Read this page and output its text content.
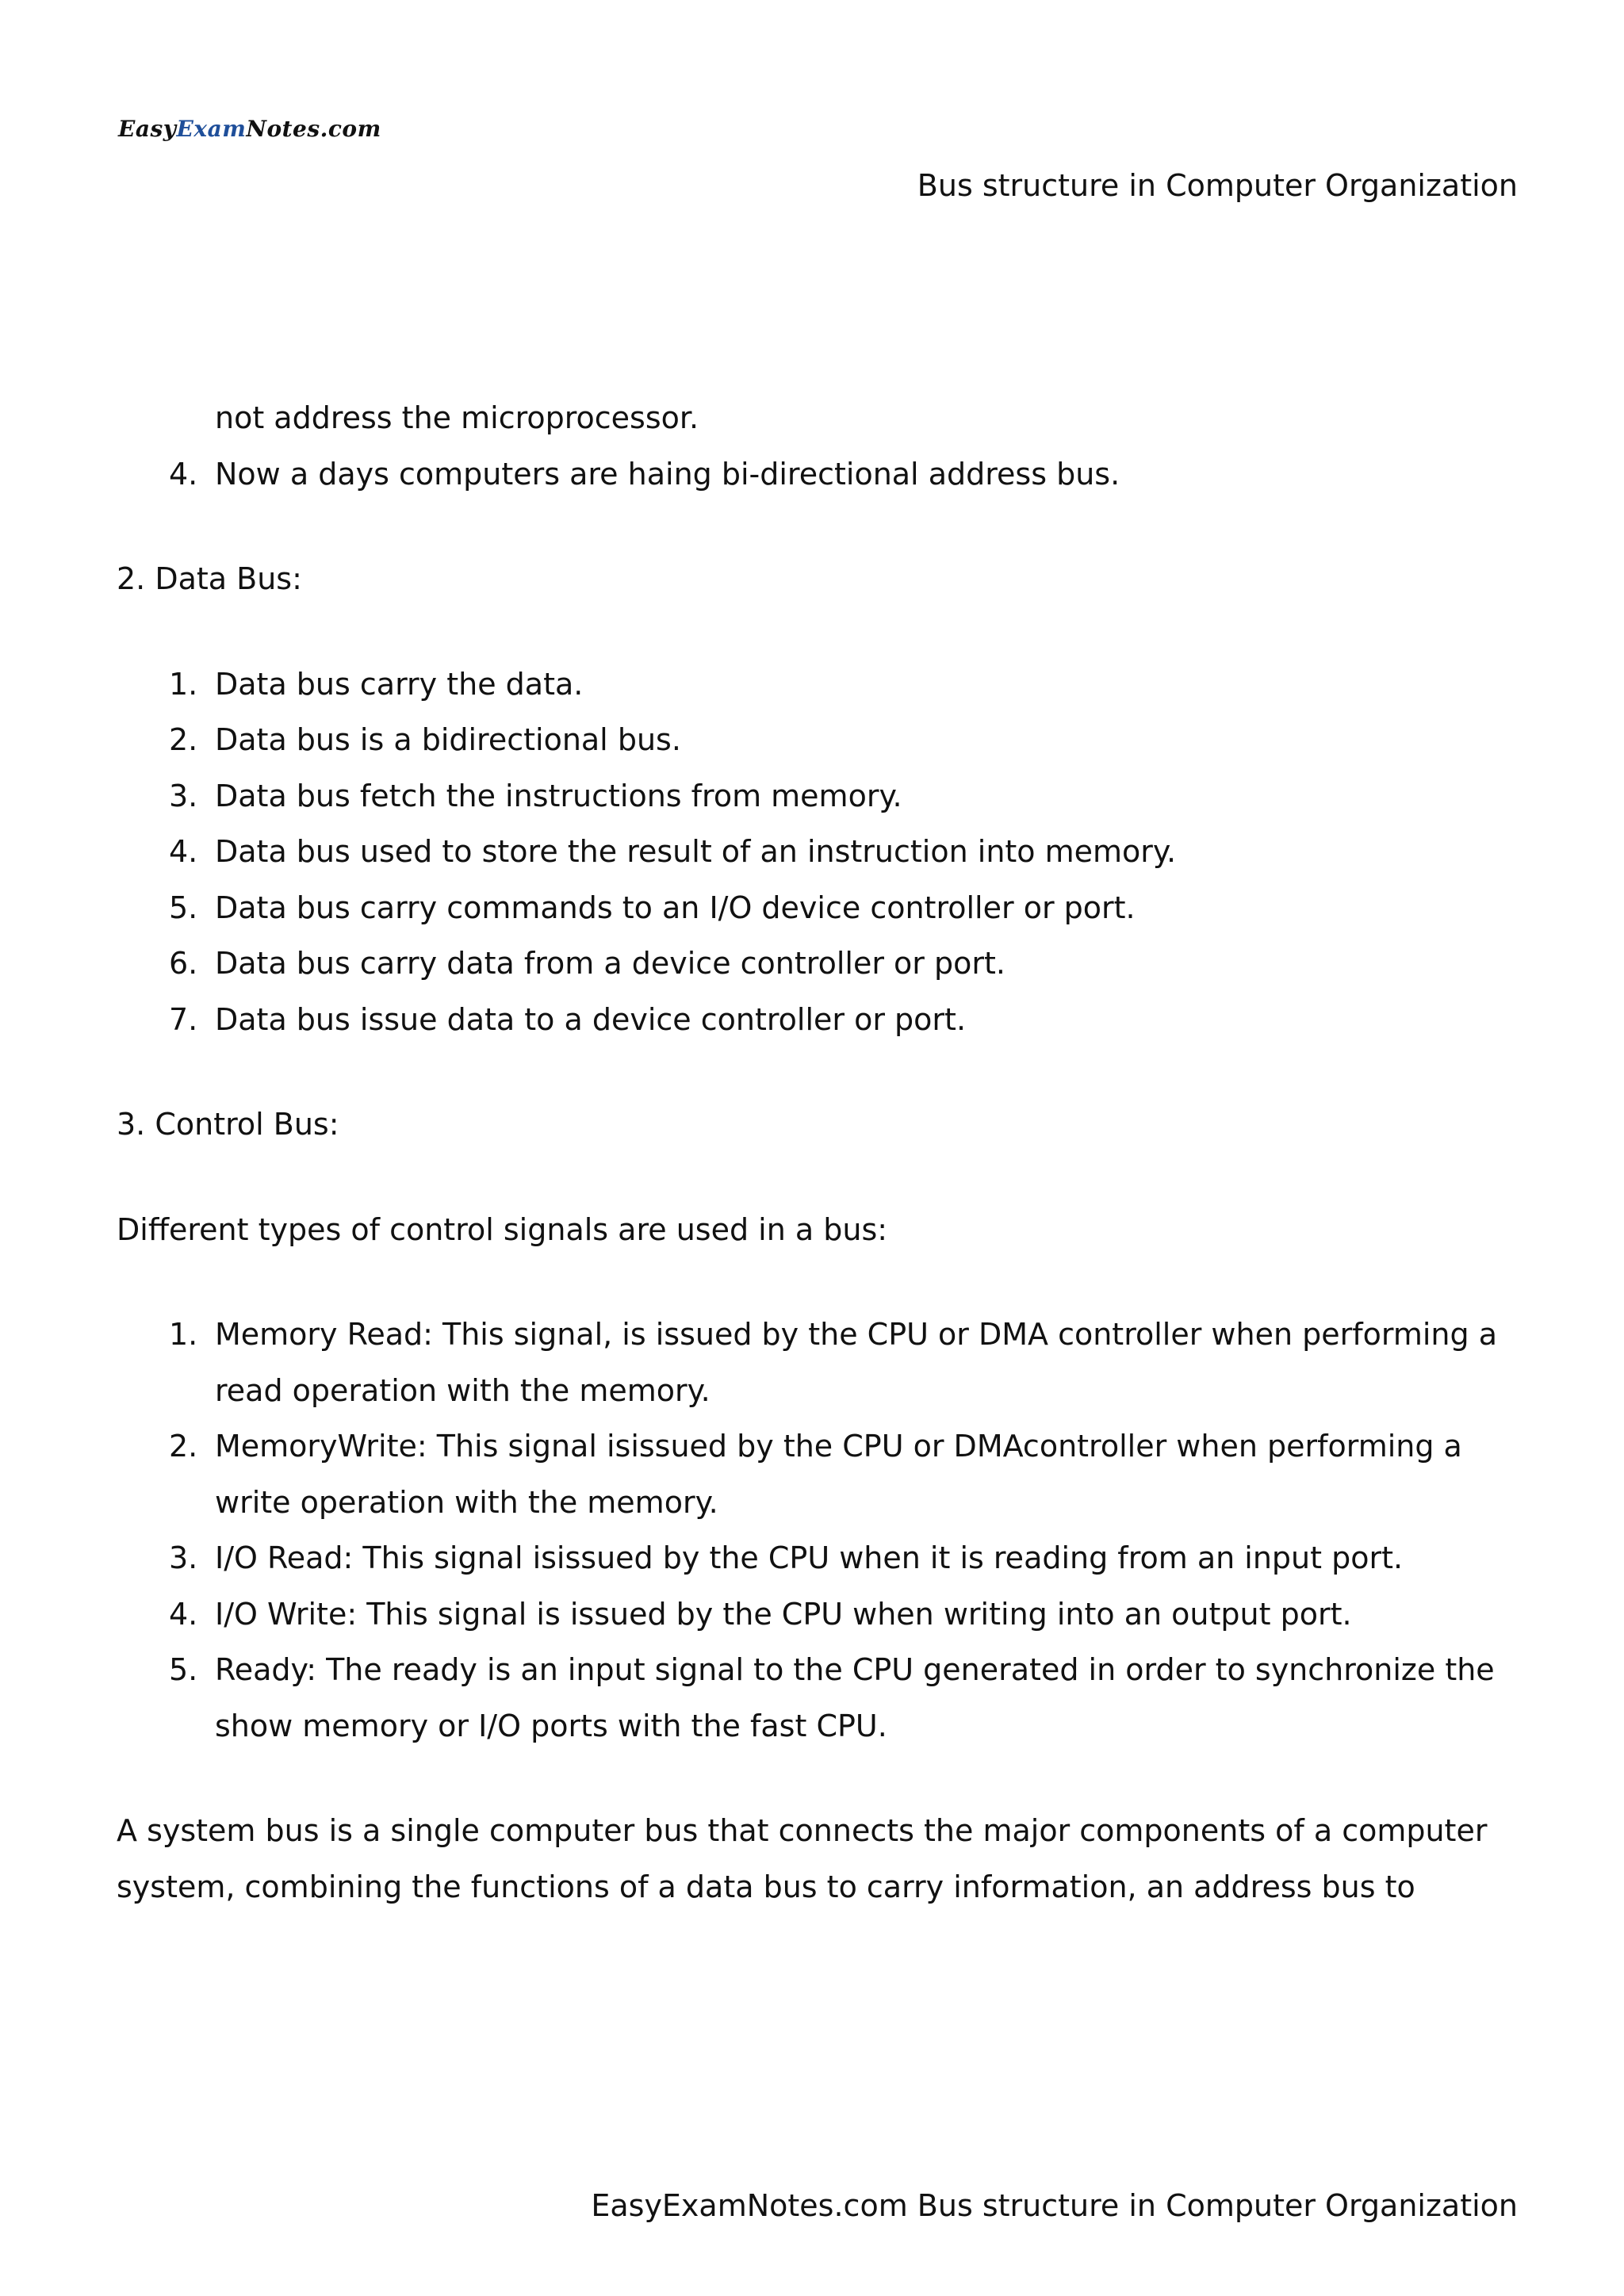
EasyExamNotes.com
Bus structure in Computer Organization
not address the microprocessor.
4. Now a days computers are haing bi-directional address bus.

2. Data Bus:

1. Data bus carry the data.
2. Data bus is a bidirectional bus.
3. Data bus fetch the instructions from memory.
4. Data bus used to store the result of an instruction into memory.
5. Data bus carry commands to an I/O device controller or port.
6. Data bus carry data from a device controller or port.
7. Data bus issue data to a device controller or port.

3. Control Bus:

Different types of control signals are used in a bus:

1. Memory Read: This signal, is issued by the CPU or DMA controller when performing a
read operation with the memory.
2. MemoryWrite: This signal isissued by the CPU or DMAcontroller when performing a
write operation with the memory.
3. I/O Read: This signal isissued by the CPU when it is reading from an input port.
4. I/O Write: This signal is issued by the CPU when writing into an output port.
5. Ready: The ready is an input signal to the CPU generated in order to synchronize the
show memory or I/O ports with the fast CPU.
A system bus is a single computer bus that connects the major components of a computer
system, combining the functions of a data bus to carry information, an address bus to
EasyExamNotes.com Bus structure in Computer Organization
